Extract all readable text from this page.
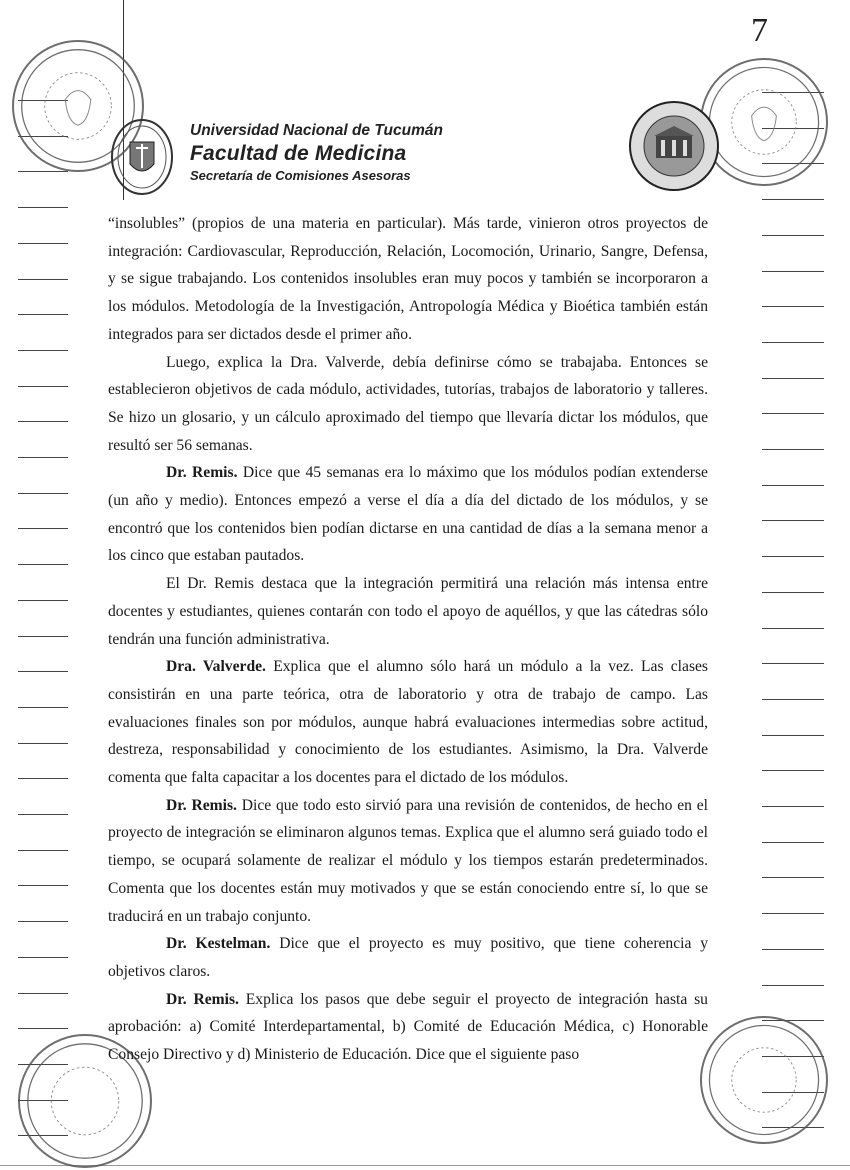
7
Universidad Nacional de Tucumán
Facultad de Medicina
Secretaría de Comisiones Asesoras

“insolubles” (propios de una materia en particular). Más tarde, vinieron otros proyectos de integración: Cardiovascular, Reproducción, Relación, Locomoción, Urinario, Sangre, Defensa, y se sigue trabajando. Los contenidos insolubles eran muy pocos y también se incorporaron a los módulos. Metodología de la Investigación, Antropología Médica y Bioética también están integrados para ser dictados desde el primer año.

Luego, explica la Dra. Valverde, debía definirse cómo se trabajaba. Entonces se establecieron objetivos de cada módulo, actividades, tutorías, trabajos de laboratorio y talleres. Se hizo un glosario, y un cálculo aproximado del tiempo que llevaría dictar los módulos, que resultó ser 56 semanas.

Dr. Remis. Dice que 45 semanas era lo máximo que los módulos podían extenderse (un año y medio). Entonces empezó a verse el día a día del dictado de los módulos, y se encontró que los contenidos bien podían dictarse en una cantidad de días a la semana menor a los cinco que estaban pautados.

El Dr. Remis destaca que la integración permitirá una relación más intensa entre docentes y estudiantes, quienes contarán con todo el apoyo de aquéllos, y que las cátedras sólo tendrán una función administrativa.

Dra. Valverde. Explica que el alumno sólo hará un módulo a la vez. Las clases consistirán en una parte teórica, otra de laboratorio y otra de trabajo de campo. Las evaluaciones finales son por módulos, aunque habrá evaluaciones intermedias sobre actitud, destreza, responsabilidad y conocimiento de los estudiantes. Asimismo, la Dra. Valverde comenta que falta capacitar a los docentes para el dictado de los módulos.

Dr. Remis. Dice que todo esto sirvió para una revisión de contenidos, de hecho en el proyecto de integración se eliminaron algunos temas. Explica que el alumno será guiado todo el tiempo, se ocupará solamente de realizar el módulo y los tiempos estarán predeterminados. Comenta que los docentes están muy motivados y que se están conociendo entre sí, lo que se traducirá en un trabajo conjunto.

Dr. Kestelman. Dice que el proyecto es muy positivo, que tiene coherencia y objetivos claros.

Dr. Remis. Explica los pasos que debe seguir el proyecto de integración hasta su aprobación: a) Comité Interdepartamental, b) Comité de Educación Médica, c) Honorable Consejo Directivo y d) Ministerio de Educación. Dice que el siguiente paso
